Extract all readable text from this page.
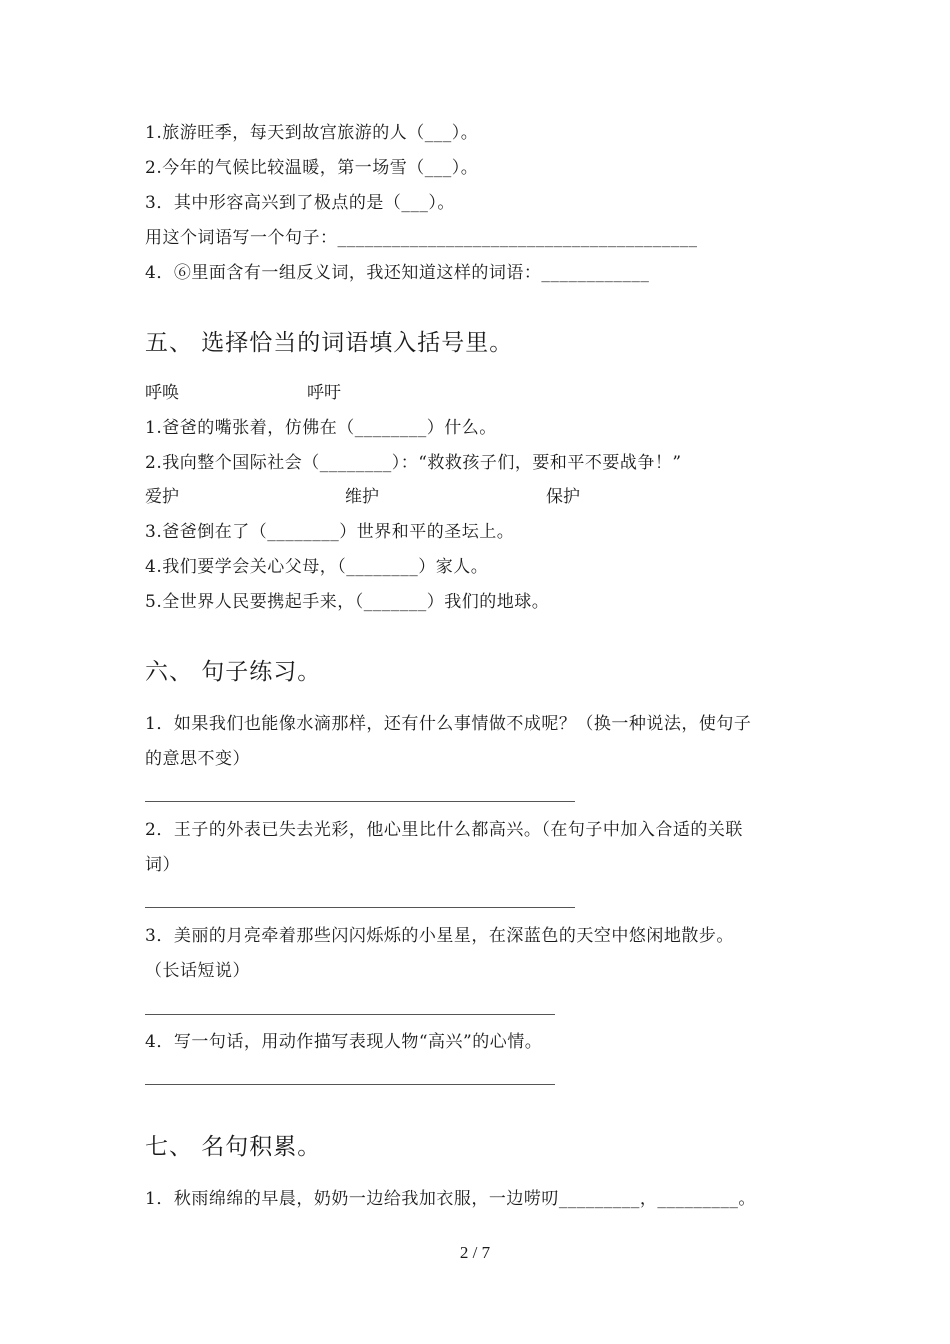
1.旅游旺季，每天到故宫旅游的人（___）。
2.今年的气候比较温暖，第一场雪（___）。
3．其中形容高兴到了极点的是（___）。
用这个词语写一个句子：________________________________________
4．⑥里面含有一组反义词，我还知道这样的词语：____________
五、 选择恰当的词语填入括号里。
呼唤	呼吁
1.爸爸的嘴张着，仿佛在（________）什么。
2.我向整个国际社会（________）：“救救孩子们，要和平不要战争！”
爱护	维护	保护
3.爸爸倒在了（________）世界和平的圣坛上。
4.我们要学会关心父母，（________）家人。
5.全世界人民要携起手来，（_______）我们的地球。
六、 句子练习。
1．如果我们也能像水滴那样，还有什么事情做不成呢？（换一种说法，使句子
的意思不变）
2．王子的外表已失去光彩，他心里比什么都高兴。（在句子中加入合适的关联
词）
3．美丽的月亮牵着那些闪闪烁烁的小星星，在深蓝色的天空中悠闲地散步。
（长话短说）
4．写一句话，用动作描写表现人物“高兴”的心情。
七、 名句积累。
1．秋雨绵绵的早晨，奶奶一边给我加衣服，一边唠叨_________，_________。
2 / 7
